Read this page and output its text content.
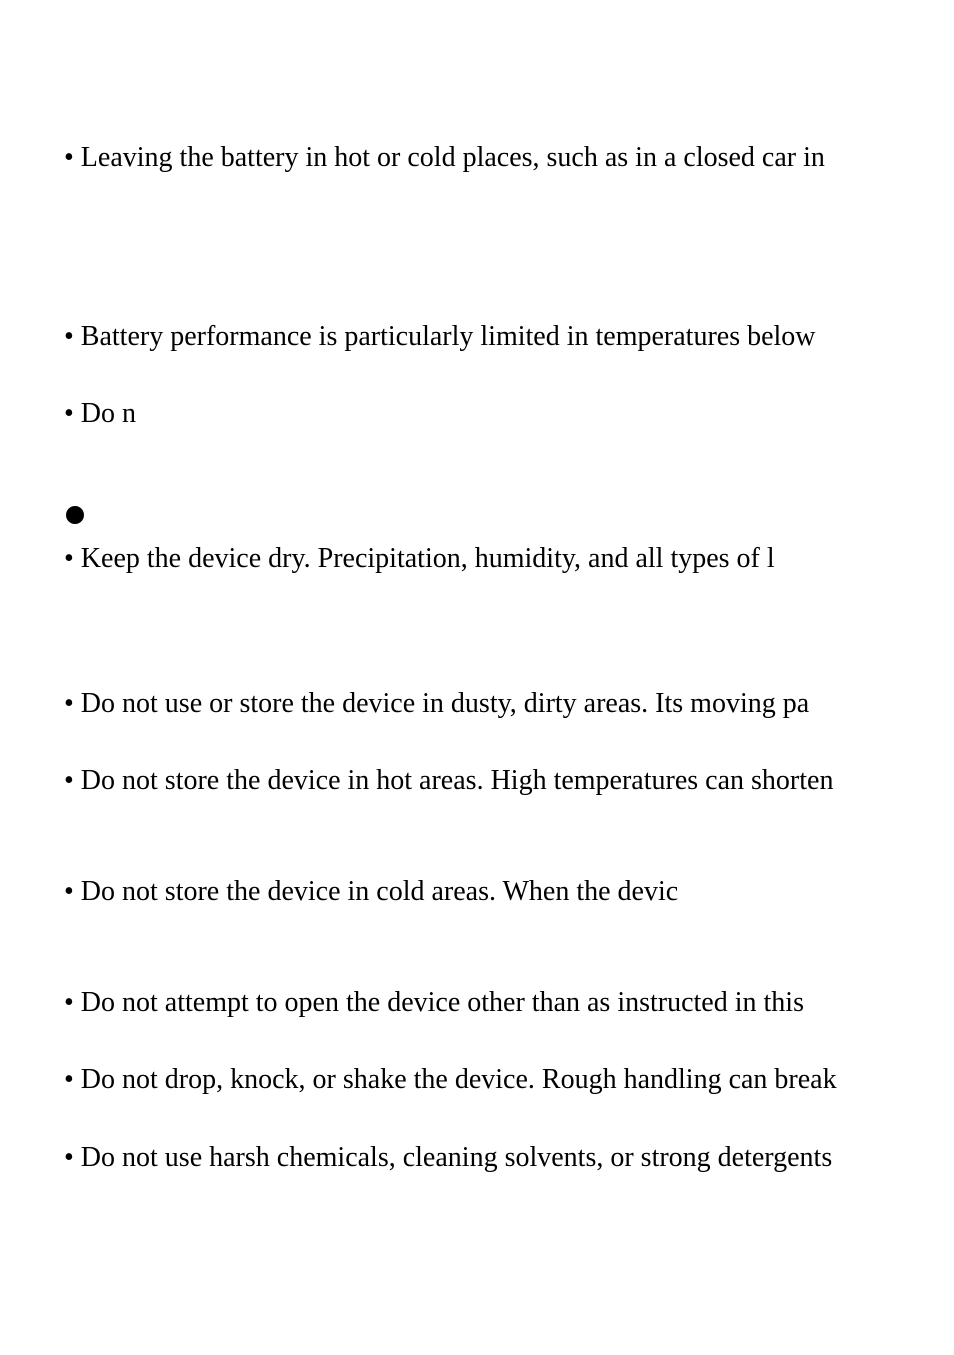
• Leaving the battery in hot or cold places, such as in a closed car in

• Battery performance is particularly limited in temperatures below

• Do n

• Keep the device dry. Precipitation, humidity, and all types of l

• Do not use or store the device in dusty, dirty areas. Its moving pa

• Do not store the device in hot areas. High temperatures can shorten

• Do not store the device in cold areas. When the devic

• Do not attempt to open the device other than as instructed in this

• Do not drop, knock, or shake the device. Rough handling can break

• Do not use harsh chemicals, cleaning solvents, or strong detergents
